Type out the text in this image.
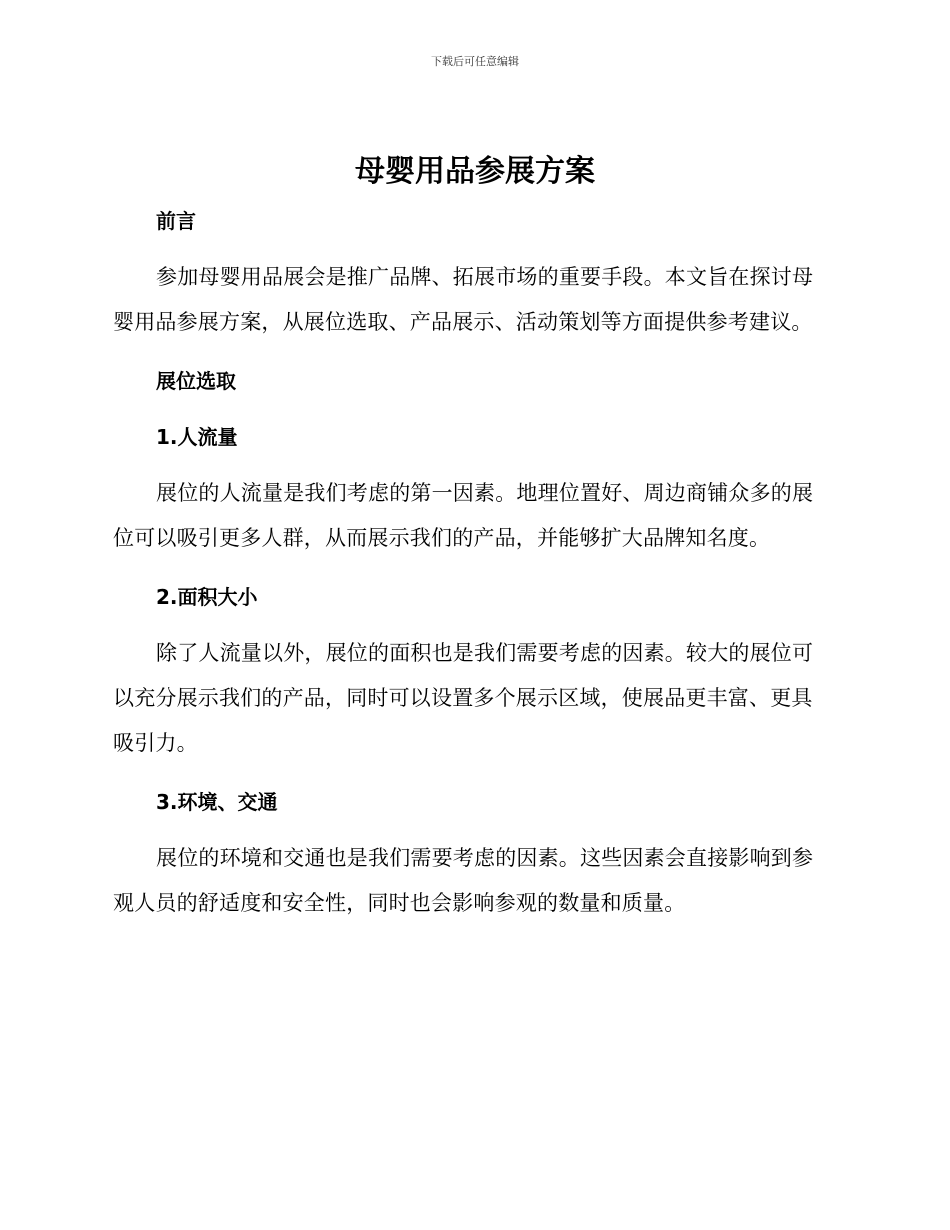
下载后可任意编辑
母婴用品参展方案
前言

参加母婴用品展会是推广品牌、拓展市场的重要手段。本文旨在探讨母婴用品参展方案，从展位选取、产品展示、活动策划等方面提供参考建议。

展位选取
1.人流量

展位的人流量是我们考虑的第一因素。地理位置好、周边商铺众多的展位可以吸引更多人群，从而展示我们的产品，并能够扩大品牌知名度。

2.面积大小

除了人流量以外，展位的面积也是我们需要考虑的因素。较大的展位可以充分展示我们的产品，同时可以设置多个展示区域，使展品更丰富、更具吸引力。

3.环境、交通

展位的环境和交通也是我们需要考虑的因素。这些因素会直接影响到参观人员的舒适度和安全性，同时也会影响参观的数量和质量。
